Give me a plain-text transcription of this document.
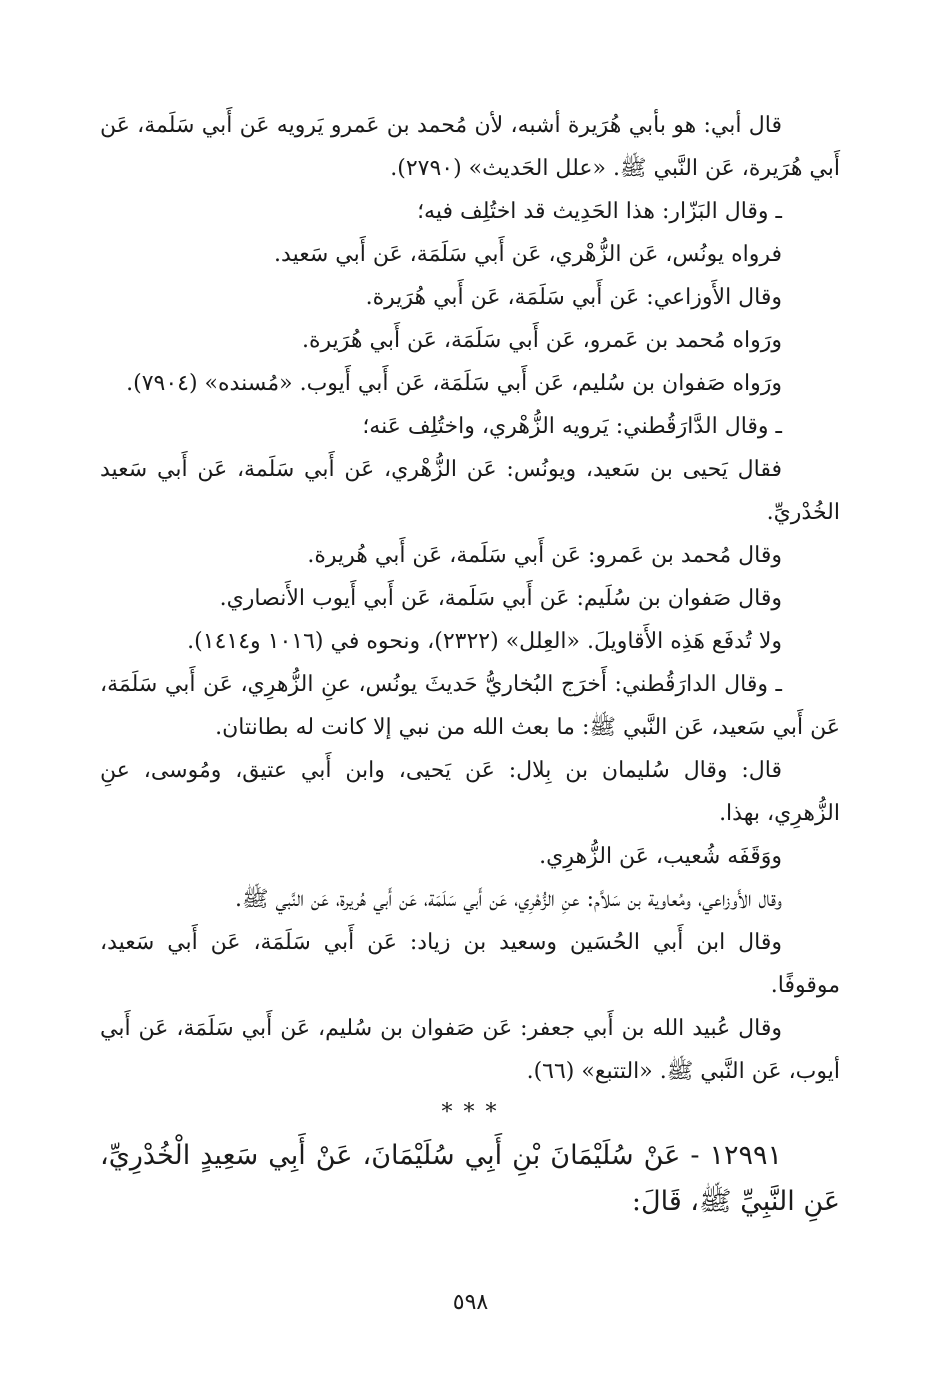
قال أبي: هو بأبي هُرَيرة أشبه، لأن مُحمد بن عَمرو يَرويه عَن أَبي سَلَمة، عَن أَبي هُرَيرة، عَن النَّبي ﷺ. «علل الحَديث» (٢٧٩٠).

ـ وقال البَزّار: هذا الحَدِيث قد اختُلِف فيه؛

فرواه يونُس، عَن الزُّهْري، عَن أَبي سَلَمَة، عَن أَبي سَعيد.

وقال الأَوزاعي: عَن أَبي سَلَمَة، عَن أَبي هُرَيرة.

ورَواه مُحمد بن عَمرو، عَن أَبي سَلَمَة، عَن أَبي هُرَيرة.

ورَواه صَفوان بن سُليم، عَن أَبي سَلَمَة، عَن أَبي أَيوب. «مُسنده» (٧٩٠٤).

ـ وقال الدَّارَقُطني: يَرويه الزُّهْري، واختُلِف عَنه؛

فقال يَحيى بن سَعيد، ويونُس: عَن الزُّهْري، عَن أَبي سَلَمة، عَن أَبي سَعيد الخُدْريِّ.

وقال مُحمد بن عَمرو: عَن أَبي سَلَمة، عَن أَبي هُريرة.

وقال صَفوان بن سُلَيم: عَن أَبي سَلَمة، عَن أَبي أَيوب الأَنصاري.

ولا تُدفَع هَذِه الأَقاويلَ. «العِلل» (٢٣٢٢)، ونحوه في (١٠١٦ و١٤١٤).

ـ وقال الدارَقُطني: أَخرَج البُخاريُّ حَديثَ يونُس، عنِ الزُّهرِي، عَن أَبي سَلَمَة، عَن أَبي سَعيد، عَن النَّبي ﷺ: ما بعث الله من نبي إلا كانت له بطانتان.

قال: وقال سُليمان بن بِلال: عَن يَحيى، وابن أَبي عتيق، ومُوسى، عنِ الزُّهرِي، بهذا.

ووَقَفَه شُعيب، عَن الزُّهرِي.

وقال الأَوزاعي، ومُعاوية بن سَلاَّم: عنِ الزُّهْرِي، عَن أَبي سَلَمَة، عَن أَبي هُريرة، عَن النَّبي ﷺ.

وقال ابن أَبي الحُسَين وسعيد بن زياد: عَن أَبي سَلَمَة، عَن أَبي سَعيد، موقوفًا.

وقال عُبيد الله بن أَبي جعفر: عَن صَفوان بن سُليم، عَن أَبي سَلَمَة، عَن أَبي أيوب، عَن النَّبي ﷺ. «التتبع» (٦٦).

* * *

١٢٩٩١ - عَنْ سُلَيْمَانَ بْنِ أَبِي سُلَيْمَانَ، عَنْ أَبِي سَعِيدٍ الْخُدْرِيِّ، عَنِ النَّبِيِّ ﷺ، قَالَ:

٥٩٨
